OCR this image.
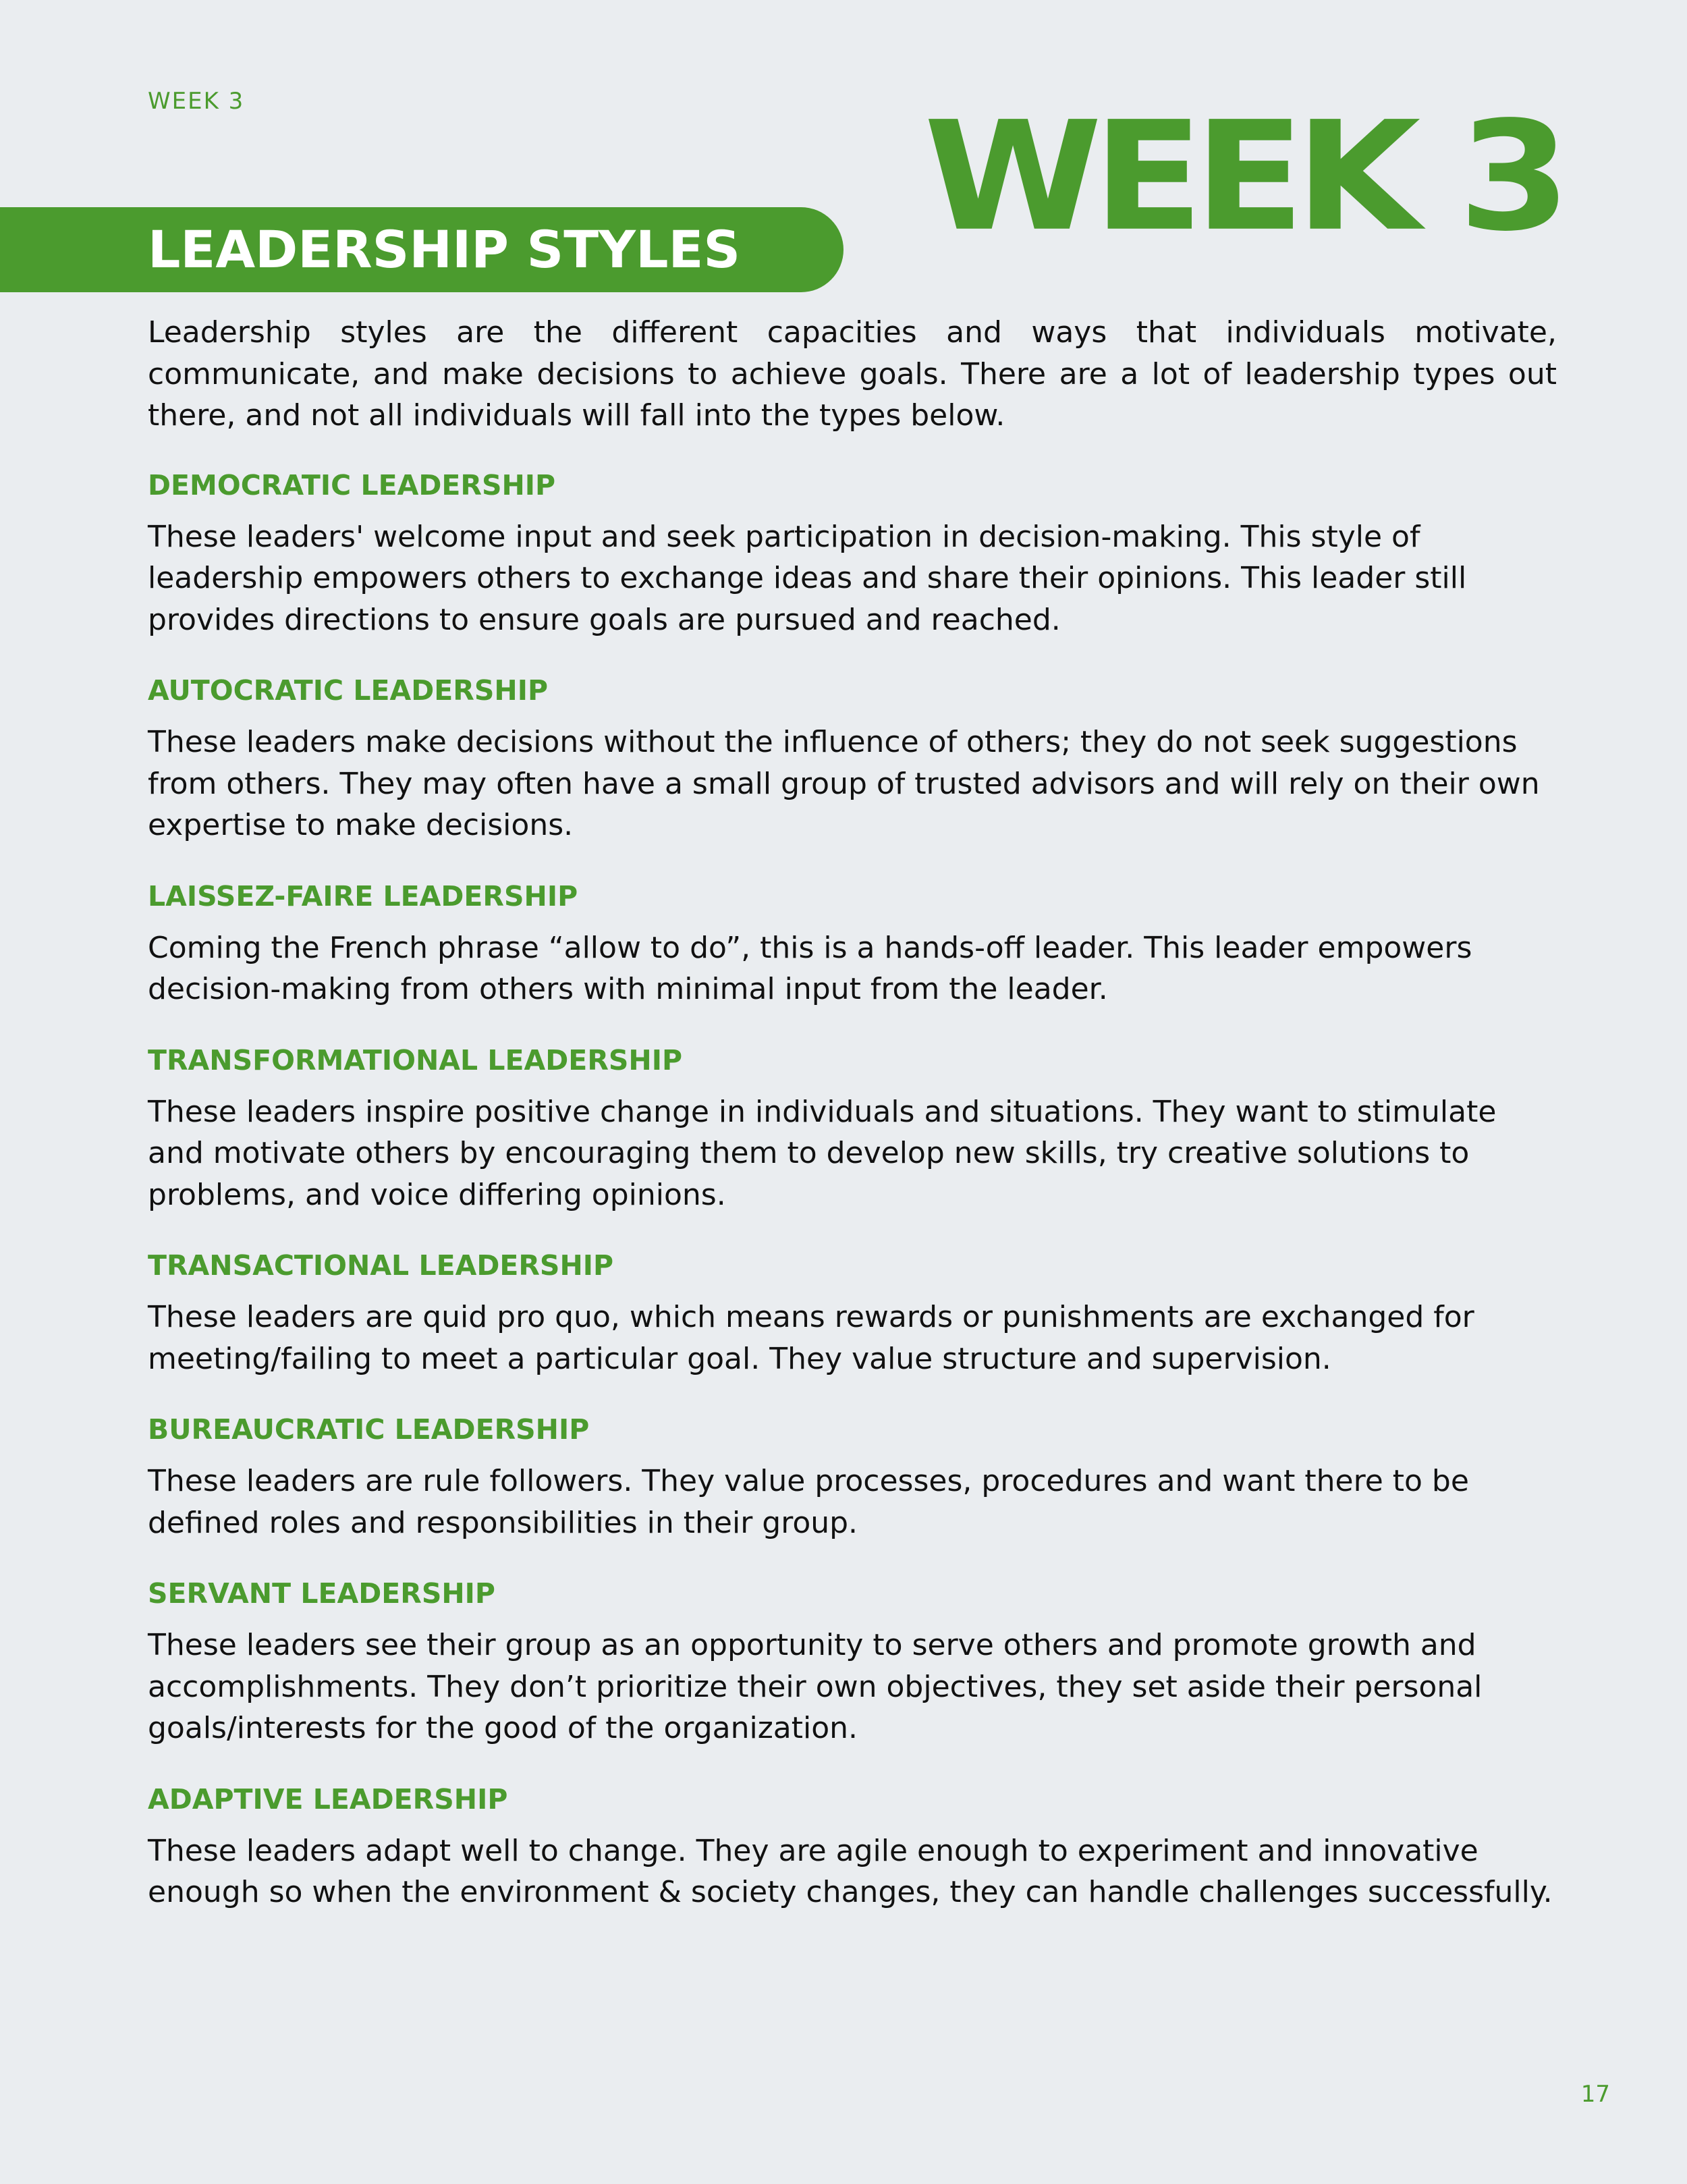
WEEK 3	WEEK 3
LEADERSHIP STYLES

Leadership styles are the different capacities and ways that individuals motivate, communicate, and make decisions to achieve goals. There are a lot of leadership types out there, and not all individuals will fall into the types below.

DEMOCRATIC LEADERSHIP

These leaders' welcome input and seek participation in decision-making. This style of leadership empowers others to exchange ideas and share their opinions. This leader still provides directions to ensure goals are pursued and reached.

AUTOCRATIC LEADERSHIP

These leaders make decisions without the influence of others; they do not seek suggestions from others. They may often have a small group of trusted advisors and will rely on their own expertise to make decisions.

LAISSEZ-FAIRE LEADERSHIP

Coming the French phrase “allow to do”, this is a hands-off leader. This leader empowers decision-making from others with minimal input from the leader.

TRANSFORMATIONAL LEADERSHIP

These leaders inspire positive change in individuals and situations. They want to stimulate and motivate others by encouraging them to develop new skills, try creative solutions to problems, and voice differing opinions.

TRANSACTIONAL LEADERSHIP

These leaders are quid pro quo, which means rewards or punishments are exchanged for meeting/failing to meet a particular goal. They value structure and supervision.

BUREAUCRATIC LEADERSHIP

These leaders are rule followers. They value processes, procedures and want there to be defined roles and responsibilities in their group.

SERVANT LEADERSHIP

These leaders see their group as an opportunity to serve others and promote growth and accomplishments. They don’t prioritize their own objectives, they set aside their personal goals/interests for the good of the organization.

ADAPTIVE LEADERSHIP

These leaders adapt well to change. They are agile enough to experiment and innovative enough so when the environment & society changes, they can handle challenges successfully.

17
